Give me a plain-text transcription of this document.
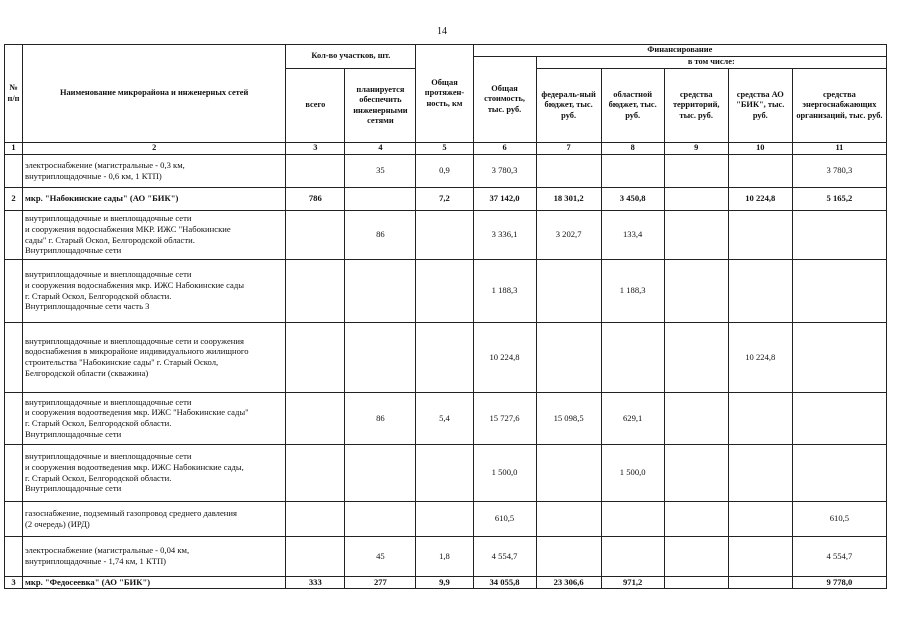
14
№ п/п	Наименование микрорайона и инженерных сетей	Кол-во участков, шт.		Общая протяжен-ность, км	Финансирование					
					Общая стоимость, тыс. руб.	в том числе:				
		всего	планируется обеспечить инженерными сетями			федераль-ный бюджет, тыс. руб.	областной бюджет, тыс. руб.	средства территорий, тыс. руб.	средства АО "БИК", тыс. руб.	средства энергоснабжающих организаций, тыс. руб.
1	2	3	4	5	6	7	8	9	10	11

	электроснабжение (магистральные - 0,3 км,
внутриплощадочные - 0,6 км, 1 КТП)		35	0,9	3 780,3					3 780,3
2	мкр. "Набокинские сады" (АО "БИК")	786		7,2	37 142,0	18 301,2	3 450,8		10 224,8	5 165,2

	внутриплощадочные и внеплощадочные сети
и сооружения водоснабжения МКР. ИЖС "Набокинские
сады" г. Старый Оскол, Белгородской области.
Внутриплощадочные сети		86		3 336,1	3 202,7	133,4			

	внутриплощадочные и внеплощадочные сети
и сооружения водоснабжения мкр. ИЖС Набокинские сады
г. Старый Оскол, Белгородской области.
Внутриплощадочные сети часть 3				1 188,3		1 188,3			

	внутриплощадочные и внеплощадочные сети и сооружения
водоснабжения в микрорайоне индивидуального жилищного
строительства "Набокинские сады" г. Старый Оскол,
Белгородской области (скважина)				10 224,8				10 224,8	

	внутриплощадочные и внеплощадочные сети
и сооружения водоотведения мкр. ИЖС "Набокинские сады"
г. Старый Оскол, Белгородской области.
Внутриплощадочные сети		86	5,4	15 727,6	15 098,5	629,1			

	внутриплощадочные и внеплощадочные сети
и сооружения водоотведения мкр. ИЖС Набокинские сады,
г. Старый Оскол, Белгородской области.
Внутриплощадочные сети				1 500,0		1 500,0			

	газоснабжение, подземный газопровод среднего давления
(2 очередь) (ИРД)				610,5					610,5

	электроснабжение (магистральные - 0,04 км,
внутриплощадочные - 1,74 км, 1 КТП)		45	1,8	4 554,7					4 554,7
3	мкр. "Федосеевка" (АО "БИК")	333	277	9,9	34 055,8	23 306,6	971,2			9 778,0
